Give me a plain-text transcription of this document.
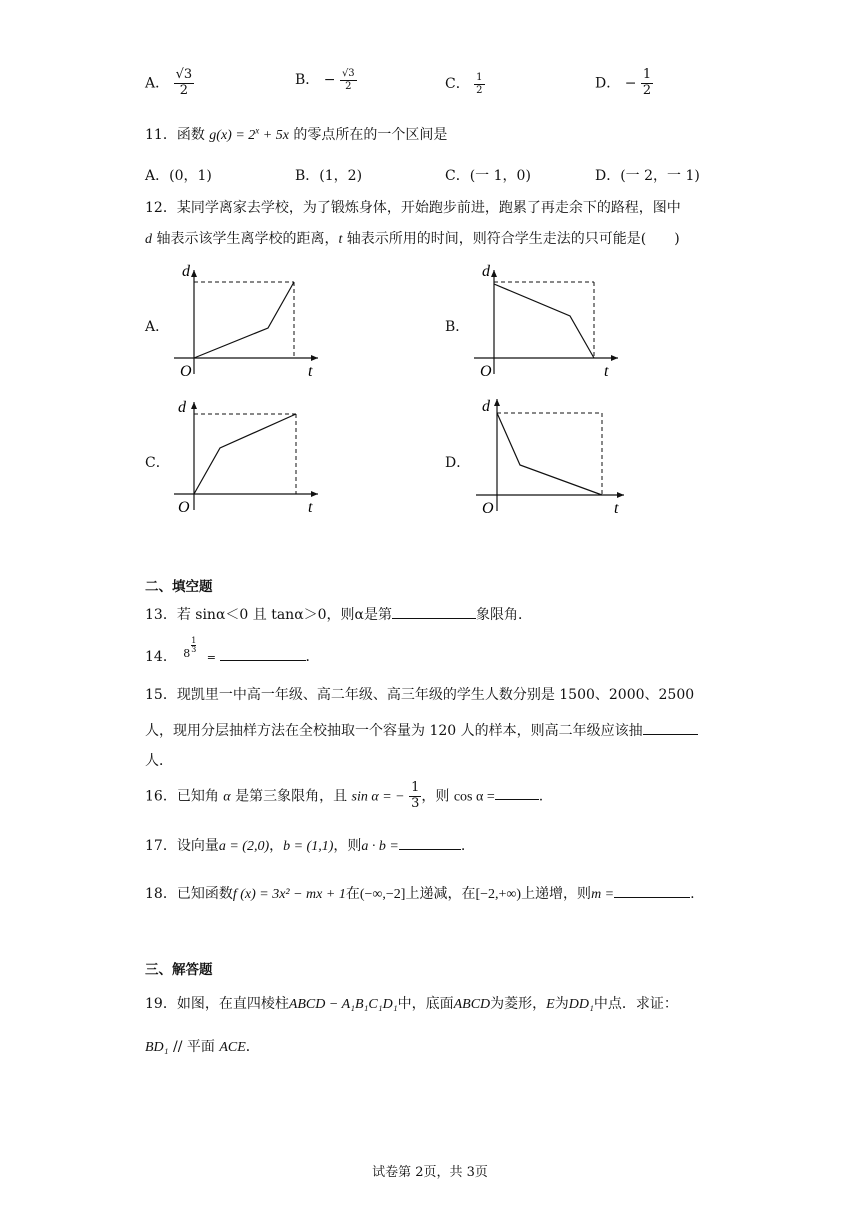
A． $\frac{√3}{2}$	B． − $\frac{√3}{2}$	C． $\frac{1}{2}$	D． − $\frac{1}{2}$
11．函数 $g(x) = 2^x + 5x$ 的零点所在的一个区间是
A．(0，1)	B．(1，2)	C．(一 1，0)	D．(一 2，一 1)
12．某同学离家去学校，为了锻炼身体，开始跑步前进，跑累了再走余下的路程，图中
d 轴表示该学生离学校的距离，t 轴表示所用的时间，则符合学生走法的只可能是(　　)
A．
d
t
O
B．
d
t
O
C．
d
t
O
D．
d
t
O
二、填空题
13．若 sinα＜0 且 tanα＞0，则α是第	象限角．
14． $8 \frac{1}{3}$
=	．
15．现凯里一中高一年级、高二年级、高三年级的学生人数分别是 1500、2000、2500
人，现用分层抽样方法在全校抽取一个容量为 120 人的样本，则高二年级应该抽
人．
16．已知角 α 是第三象限角，且 sin α = − $\frac{1}{3}$ ，则 cos α =	.
17．设向量a = (2,0)，b = (1,1)，则a · b =	.
18．已知函数f (x) = 3x² − mx + 1在(−∞,−2]上递减，在[−2,+∞)上递增，则m =	.
三、解答题
19．如图，在直四棱柱ABCD − A₁B₁C₁D₁中，底面ABCD为菱形，E为DD₁中点．求证：
BD₁ // 平面 ACE．
试卷第 2页，共 3页
